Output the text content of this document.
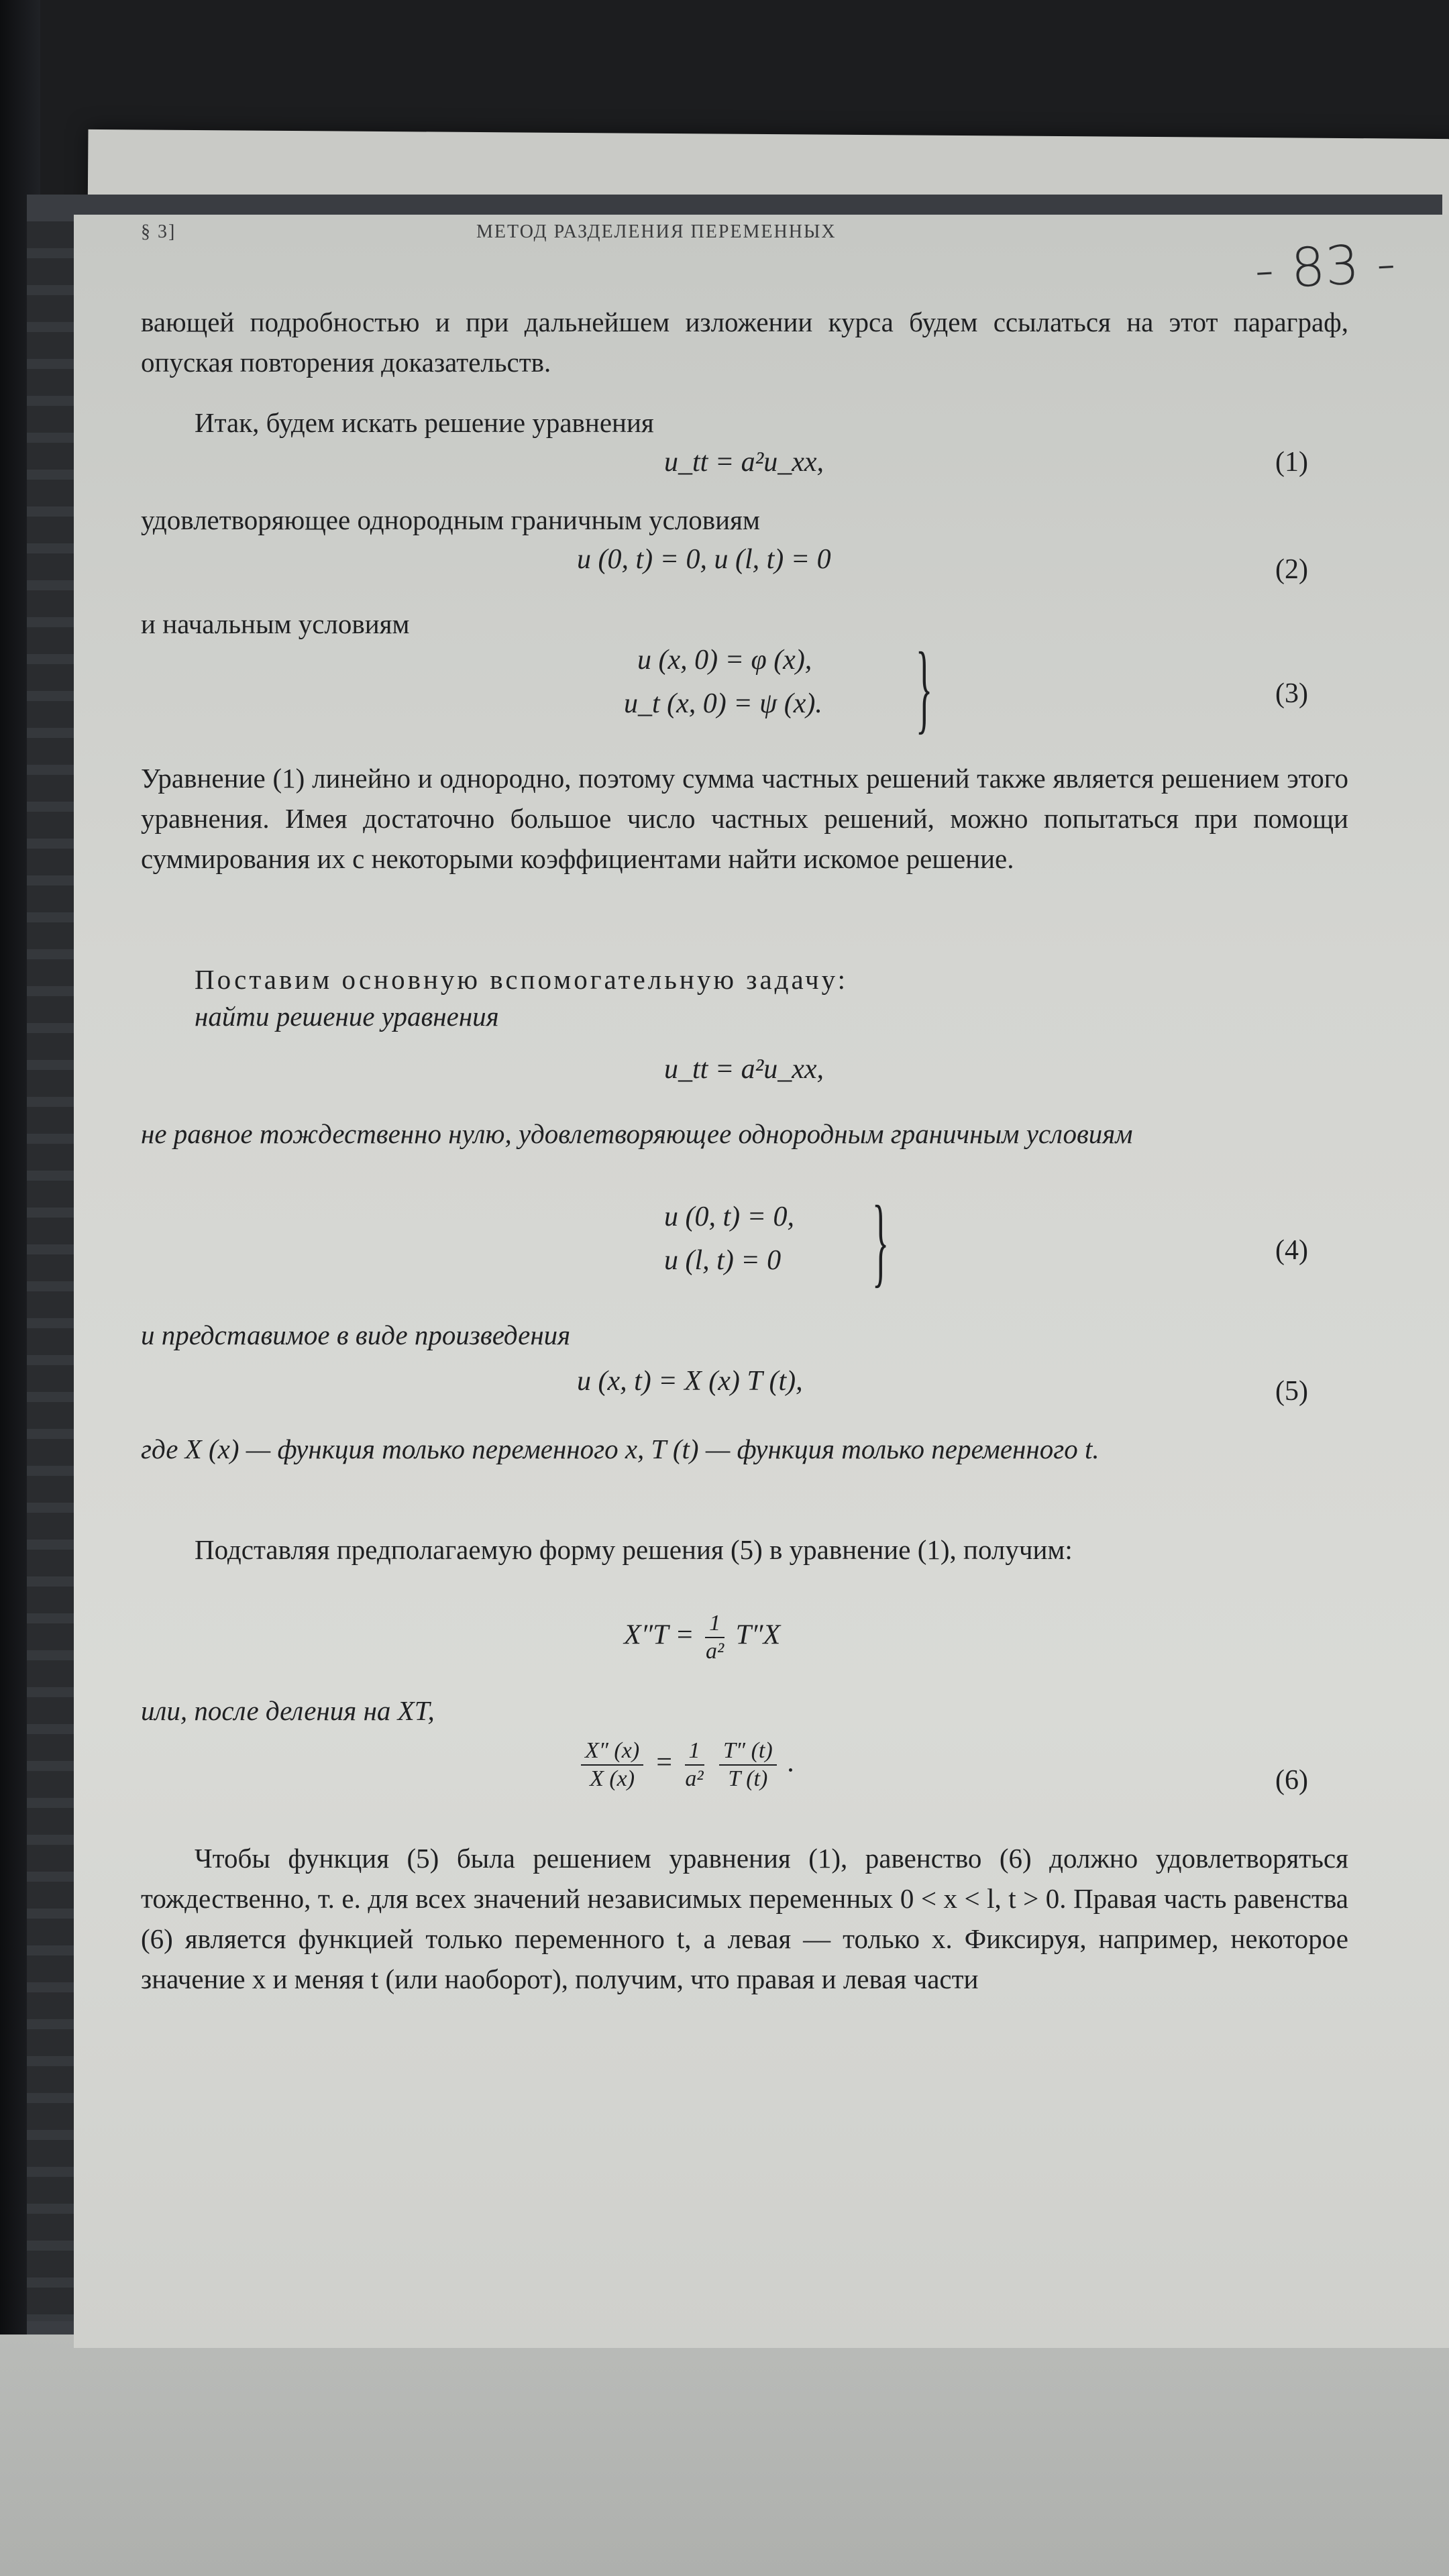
§ 3]	МЕТОД РАЗДЕЛЕНИЯ ПЕРЕМЕННЫХ	- 83 -

вающей подробностью и при дальнейшем изложении курса будем ссылаться на этот параграф, опуская повторения доказательств.

Итак, будем искать решение уравнения

u_tt = a²u_xx,	(1)

удовлетворяющее однородным граничным условиям

u (0, t) = 0, u (l, t) = 0	(2)

и начальным условиям

u (x, 0) = φ (x),
u_t (x, 0) = ψ (x). }	(3)

Уравнение (1) линейно и однородно, поэтому сумма частных решений также является решением этого уравнения. Имея достаточно большое число частных решений, можно попытаться при помощи суммирования их с некоторыми коэффициентами найти искомое решение.

Поставим основную вспомогательную задачу:

найти решение уравнения

u_tt = a²u_xx,

не равное тождественно нулю, удовлетворяющее однородным граничным условиям

u (0, t) = 0,
u (l, t) = 0 }	(4)

и представимое в виде произведения

u (x, t) = X (x) T (t),	(5)

где X (x) — функция только переменного x, T (t) — функция только переменного t.

Подставляя предполагаемую форму решения (5) в уравнение (1), получим:

$X''T = \frac{1}{\text{a²}} T''X$

или, после деления на XT,

$\frac{X'' (x)}{X (x)} = \frac{1}{\text{a²}}$
$\frac{T'' (t)}{T (t)}$ .
(6)

Чтобы функция (5) была решением уравнения (1), равенство (6) должно удовлетворяться тождественно, т. е. для всех значений независимых переменных 0 < x < l, t > 0. Правая часть равенства (6) является функцией только переменного t, а левая — только x. Фиксируя, например, некоторое значение x и меняя t (или наоборот), получим, что правая и левая части
